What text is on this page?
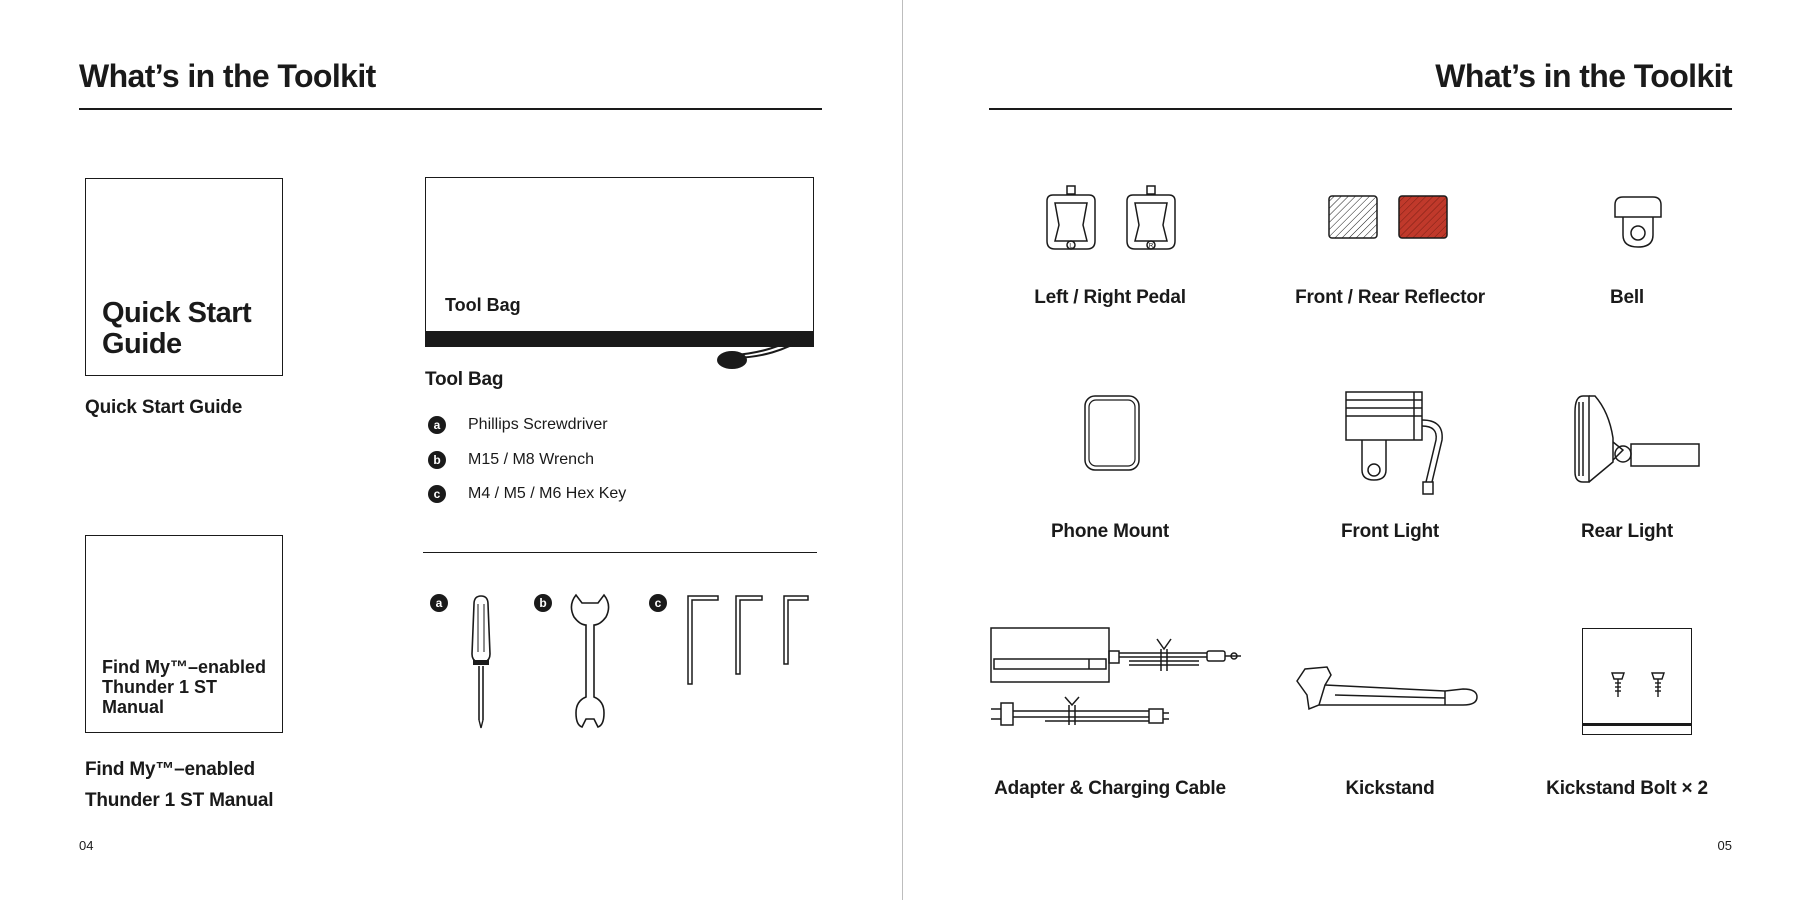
What’s in the Toolkit
Quick Start
Guide
Quick Start Guide
Find My™–enabled
Thunder 1 ST
Manual
Find My™–enabled
Thunder 1 ST Manual
Tool Bag
Tool Bag
a	Phillips Screwdriver
b	M15 / M8 Wrench
c	M4 / M5 / M6 Hex Key
a	b	c
04
What’s in the Toolkit
L	R
Left / Right Pedal	Front / Rear Reflector	Bell
Phone Mount	Front Light	Rear Light
Adapter & Charging Cable	Kickstand	Kickstand Bolt × 2
05
